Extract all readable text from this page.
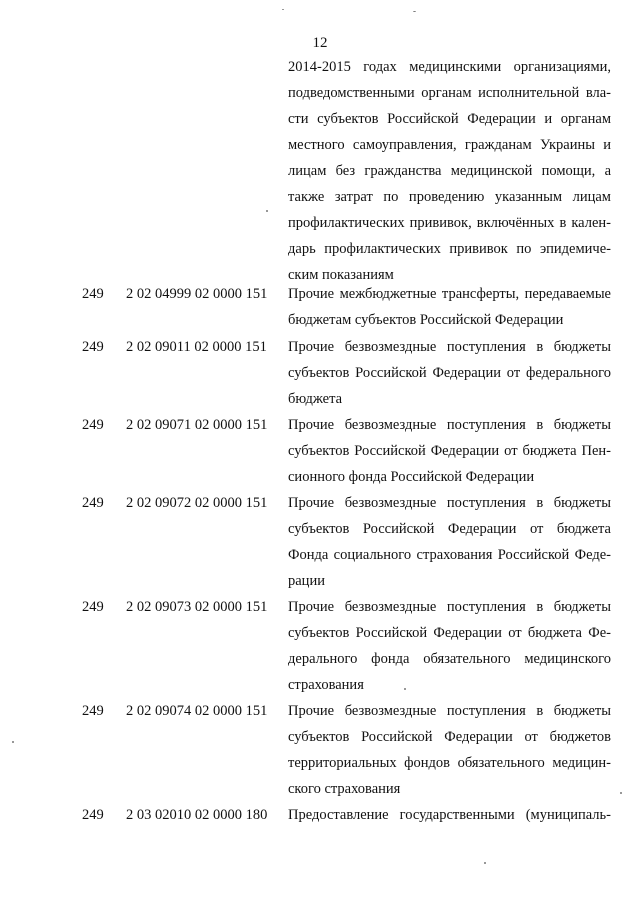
12
2014-2015 годах медицинскими организациями,
подведомственными органам исполнительной вла-
сти субъектов Российской Федерации и органам
местного самоуправления, гражданам Украины и
лицам без гражданства медицинской помощи, а
также затрат по проведению указанным лицам
профилактических прививок, включённых в кален-
дарь профилактических прививок по эпидемиче-
ским показаниям
249	2 02 04999 02 0000 151	Прочие межбюджетные трансферты, передаваемые
бюджетам субъектов Российской Федерации
249	2 02 09011 02 0000 151	Прочие безвозмездные поступления в бюджеты
субъектов Российской Федерации от федерального
бюджета
249	2 02 09071 02 0000 151	Прочие безвозмездные поступления в бюджеты
субъектов Российской Федерации от бюджета Пен-
сионного фонда Российской Федерации
249	2 02 09072 02 0000 151	Прочие безвозмездные поступления в бюджеты
субъектов Российской Федерации от бюджета
Фонда социального страхования Российской Феде-
рации
249	2 02 09073 02 0000 151	Прочие безвозмездные поступления в бюджеты
субъектов Российской Федерации от бюджета Фе-
дерального фонда обязательного медицинского
страхования
249	2 02 09074 02 0000 151	Прочие безвозмездные поступления в бюджеты
субъектов Российской Федерации от бюджетов
территориальных фондов обязательного медицин-
ского страхования
249	2 03 02010 02 0000 180	Предоставление государственными (муниципаль-
